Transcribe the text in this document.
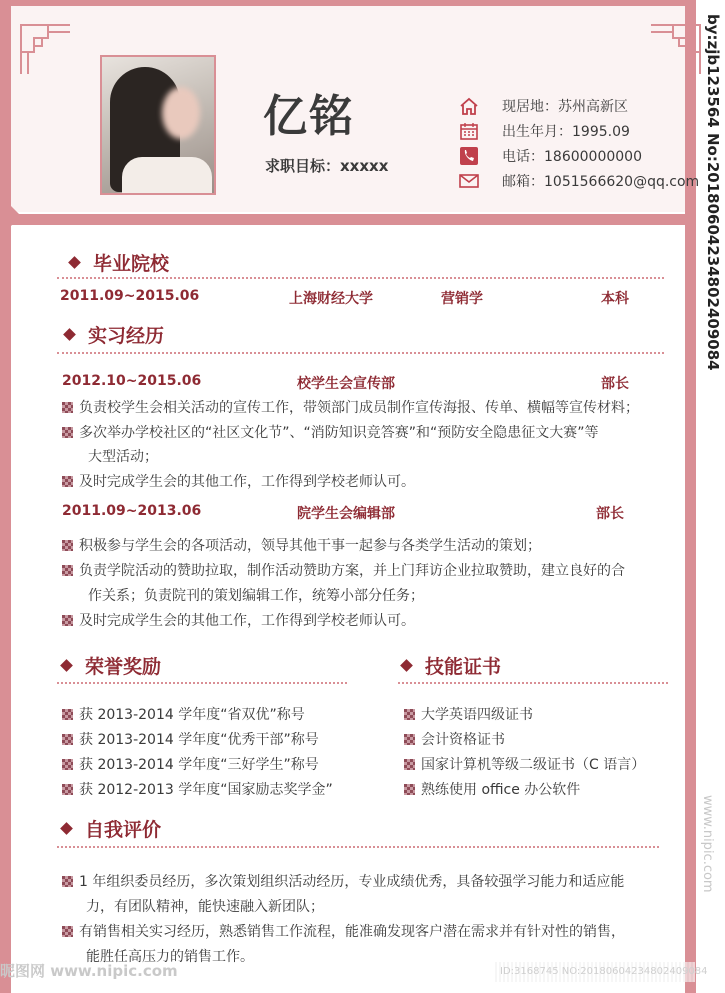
亿铭
求职目标：xxxxx
现居地：苏州高新区
出生年月：1995.09
电话：18600000000
邮箱：1051566620@qq.com by:zjb123564 No:20180604234802409084
www.nipic.com
毕业院校
2011.09~2015.06	上海财经大学	营销学	本科
实习经历
2012.10~2015.06	校学生会宣传部	部长
负责校学生会相关活动的宣传工作，带领部门成员制作宣传海报、传单、横幅等宣传材料；
多次举办学校社区的“社区文化节”、“消防知识竞答赛”和“预防安全隐患征文大赛”等
大型活动；
及时完成学生会的其他工作，工作得到学校老师认可。
2011.09~2013.06	院学生会编辑部	部长
积极参与学生会的各项活动，领导其他干事一起参与各类学生活动的策划；
负责学院活动的赞助拉取，制作活动赞助方案，并上门拜访企业拉取赞助，建立良好的合
作关系；负责院刊的策划编辑工作，统筹小部分任务；
及时完成学生会的其他工作，工作得到学校老师认可。
荣誉奖励
获 2013-2014 学年度“省双优”称号
获 2013-2014 学年度“优秀干部”称号
获 2013-2014 学年度“三好学生”称号
获 2012-2013 学年度“国家励志奖学金”
技能证书
大学英语四级证书
会计资格证书
国家计算机等级二级证书（C 语言）
熟练使用 office 办公软件
自我评价
1 年组织委员经历，多次策划组织活动经历，专业成绩优秀，具备较强学习能力和适应能
力，有团队精神，能快速融入新团队；
有销售相关实习经历，熟悉销售工作流程，能准确发现客户潜在需求并有针对性的销售，
能胜任高压力的销售工作。
昵图网 www.nipic.com	ID:3168745 NO:20180604234802409084
